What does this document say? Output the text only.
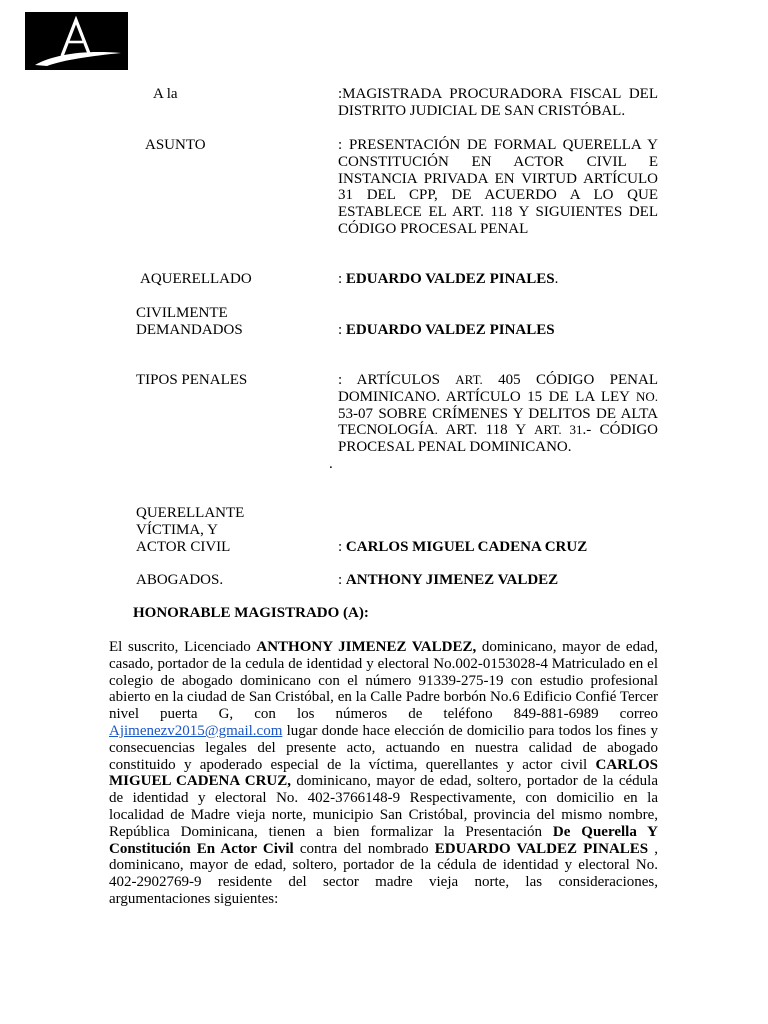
A la	:MAGISTRADA PROCURADORA FISCAL DEL DISTRITO JUDICIAL DE SAN CRISTÓBAL.
ASUNTO	: PRESENTACIÓN DE FORMAL QUERELLA Y CONSTITUCIÓN EN ACTOR CIVIL E INSTANCIA PRIVADA EN VIRTUD ARTÍCULO 31 DEL CPP, DE ACUERDO A LO QUE ESTABLECE EL ART. 118 Y SIGUIENTES DEL CÓDIGO PROCESAL PENAL
AQUERELLADO	: EDUARDO VALDEZ PINALES.
CIVILMENTE
DEMANDADOS	: EDUARDO VALDEZ PINALES
TIPOS PENALES	: ARTÍCULOS ART. 405 CÓDIGO PENAL DOMINICANO. ARTÍCULO 15 DE LA LEY NO. 53-07 SOBRE CRÍMENES Y DELITOS DE ALTA TECNOLOGÍA. ART. 118 Y ART. 31.- CÓDIGO PROCESAL PENAL DOMINICANO.
.
QUERELLANTE
VÍCTIMA, Y
ACTOR CIVIL	: CARLOS MIGUEL CADENA CRUZ
ABOGADOS.	: ANTHONY JIMENEZ VALDEZ
HONORABLE MAGISTRADO (A):
El suscrito, Licenciado ANTHONY JIMENEZ VALDEZ, dominicano, mayor de edad, casado, portador de la cedula de identidad y electoral No.002-0153028-4 Matriculado en el colegio de abogado dominicano con el número 91339-275-19 con estudio profesional abierto en la ciudad de San Cristóbal, en la Calle Padre borbón No.6 Edificio Confié Tercer nivel puerta G, con los números de teléfono 849-881-6989 correo Ajimenezv2015@gmail.com lugar donde hace elección de domicilio para todos los fines y consecuencias legales del presente acto, actuando en nuestra calidad de abogado constituido y apoderado especial de la víctima, querellantes y actor civil CARLOS MIGUEL CADENA CRUZ, dominicano, mayor de edad, soltero, portador de la cédula de identidad y electoral No. 402-3766148-9 Respectivamente, con domicilio en la localidad de Madre vieja norte, municipio San Cristóbal, provincia del mismo nombre, República Dominicana, tienen a bien formalizar la Presentación De Querella Y Constitución En Actor Civil contra del nombrado EDUARDO VALDEZ PINALES , dominicano, mayor de edad, soltero, portador de la cédula de identidad y electoral No. 402-2902769-9 residente del sector madre vieja norte, las consideraciones, argumentaciones siguientes:
